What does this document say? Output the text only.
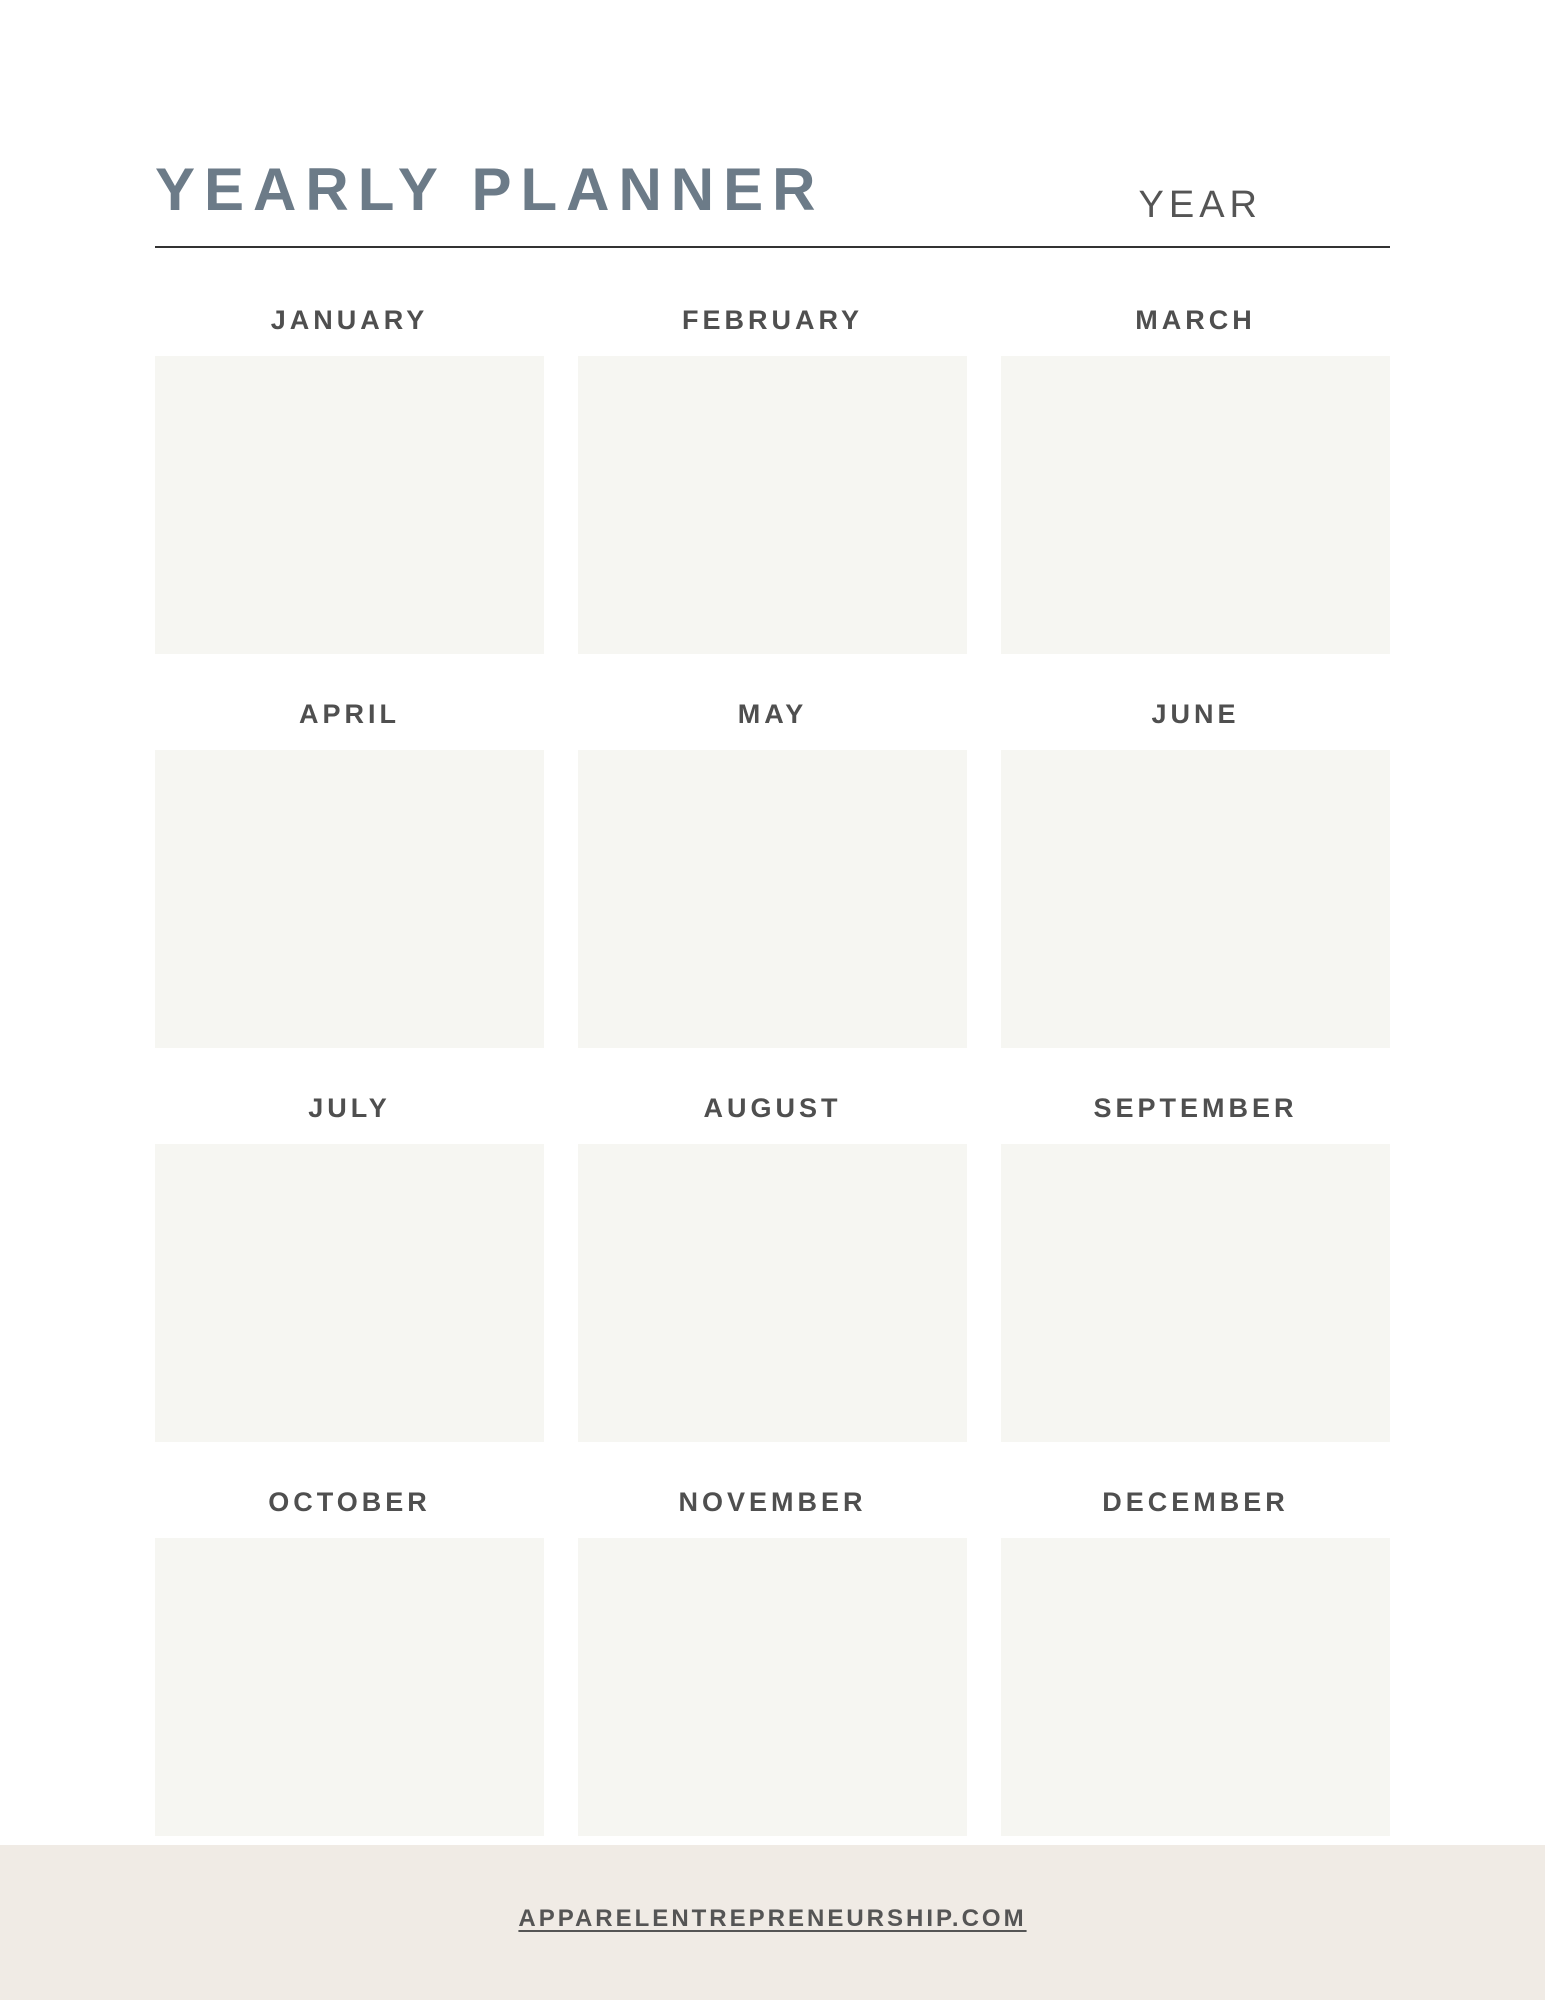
YEARLY PLANNER	YEAR
JANUARY	FEBRUARY	MARCH
APRIL	MAY	JUNE
JULY	AUGUST	SEPTEMBER
OCTOBER	NOVEMBER	DECEMBER
APPARELENTREPRENEURSHIP.COM
